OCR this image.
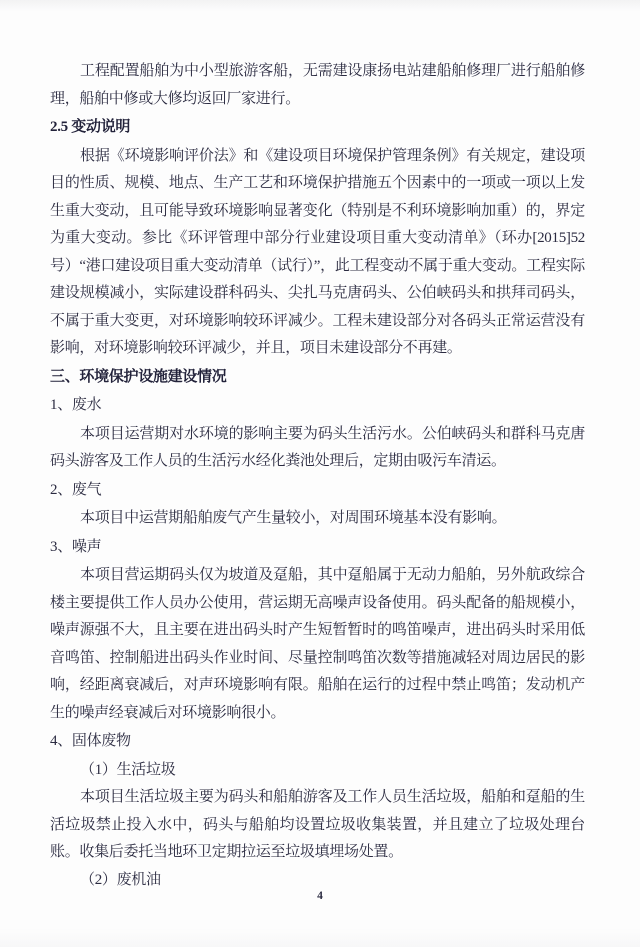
工程配置船舶为中小型旅游客船，无需建设康扬电站建船舶修理厂进行船舶修理，船舶中修或大修均返回厂家进行。

2.5 变动说明

根据《环境影响评价法》和《建设项目环境保护管理条例》有关规定，建设项目的性质、规模、地点、生产工艺和环境保护措施五个因素中的一项或一项以上发生重大变动，且可能导致环境影响显著变化（特别是不利环境影响加重）的，界定为重大变动。参比《环评管理中部分行业建设项目重大变动清单》（环办[2015]52 号）“港口建设项目重大变动清单（试行）”，此工程变动不属于重大变动。工程实际建设规模减小，实际建设群科码头、尖扎马克唐码头、公伯峡码头和拱拜司码头，不属于重大变更，对环境影响较环评减少。工程未建设部分对各码头正常运营没有影响，对环境影响较环评减少，并且，项目未建设部分不再建。

三、环境保护设施建设情况

1、废水

本项目运营期对水环境的影响主要为码头生活污水。公伯峡码头和群科马克唐码头游客及工作人员的生活污水经化粪池处理后，定期由吸污车清运。

2、废气

本项目中运营期船舶废气产生量较小，对周围环境基本没有影响。

3、噪声

本项目营运期码头仅为坡道及趸船，其中趸船属于无动力船舶，另外航政综合楼主要提供工作人员办公使用，营运期无高噪声设备使用。码头配备的船规模小，噪声源强不大，且主要在进出码头时产生短暂暂时的鸣笛噪声，进出码头时采用低音鸣笛、控制船进出码头作业时间、尽量控制鸣笛次数等措施减轻对周边居民的影响，经距离衰减后，对声环境影响有限。船舶在运行的过程中禁止鸣笛；发动机产生的噪声经衰减后对环境影响很小。

4、固体废物

（1）生活垃圾

本项目生活垃圾主要为码头和船舶游客及工作人员生活垃圾，船舶和趸船的生活垃圾禁止投入水中，码头与船舶均设置垃圾收集装置，并且建立了垃圾处理台账。收集后委托当地环卫定期拉运至垃圾填埋场处置。

（2）废机油

4
